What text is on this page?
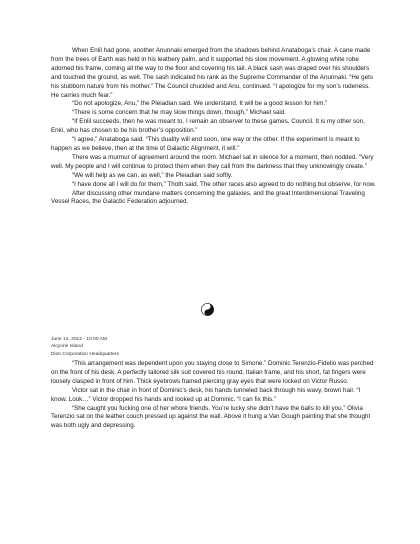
When Enlil had gone, another Anunnaki emerged from the shadows behind Anataboga’s chair. A cane made from the trees of Earth was held in his leathery palm, and it supported his slow movement. A glowing white robe adorned his frame, coming all the way to the floor and covering his tail. A black sash was draped over his shoulders and touched the ground, as well. The sash indicated his rank as the Supreme Commander of the Anunnaki. “He gets his stubborn nature from his mother.” The Council chuckled and Anu, continued. “I apologize for my son’s rudeness. He carries much fear.”

“Do not apologize, Anu,” the Pleiadian said. We understand. It will be a good lesson for him.”

“There is some concern that he may slow things down, though,” Michael said.

“If Enlil succeeds, then he was meant to. I remain an observer to these games, Council. It is my other son, Enki, who has chosen to be his brother’s opposition.”

“I agree,” Anataboga said. “This duality will end soon, one way or the other. If the experiment is meant to happen as we believe, then at the time of Galactic Alignment, it will.”

There was a murmur of agreement around the room. Michael sat in silence for a moment, then nodded. “Very well. My people and I will continue to protect them when they call from the darkness that they unknowingly create.”

“We will help as we can, as well,” the Pleiadian said softly.

“I have done all I will do for them,” Thoth said. The other races also agreed to do nothing but observe, for now.

After discussing other mundane matters concerning the galaxies, and the great Interdimensional Traveling Vessel Races, the Galactic Federation adjourned.

June 12, 2012 - 10:00 AM
Alcyone Island
Dion Corporation Headquarters

“This arrangement was dependent upon you staying close to Simone.” Dominic Terenzio-Fidelio was perched on the front of his desk. A perfectly tailored silk suit covered his round, Italian frame, and his short, fat fingers were loosely clasped in front of him. Thick eyebrows framed piercing gray eyes that were locked on Victor Russo.

Victor sat in the chair in front of Dominic’s desk, his hands tunneled back through his wavy, brown hair. “I know. Look…” Victor dropped his hands and looked up at Dominic. “I can fix this.”

“She caught you fucking one of her whore friends. You’re lucky she didn’t have the balls to kill you.” Olivia Terenzio sat on the leather couch pressed up against the wall. Above it hung a Van Gough painting that she thought was both ugly and depressing.
